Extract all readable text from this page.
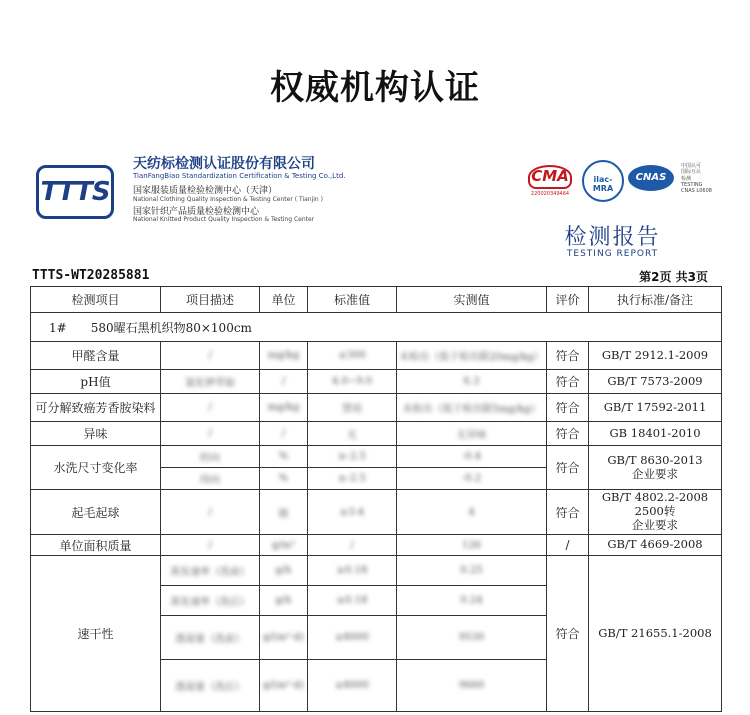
权威机构认证
TTTS
天纺标检测认证股份有限公司
TianFangBiao Standardization Certification & Testing Co.,Ltd.
国家服装质量检验检测中心（天津）
National Clothing Quality Inspection & Testing Center ( Tianjin )
国家针织产品质量检验检测中心
National Knitted Product Quality Inspection & Testing Center
CMA
220020349464
ilac-MRA
CNAS
中国认可
国际互认
检测
TESTING
CNAS L0608
检测报告
TESTING REPORT
TTTS-WT20285881	第2页 共3页
检测项目	项目描述	单位	标准值	实测值	评价	执行标准/备注
1#　　580曜石黑机织物80×100cm						
甲醛含量	/	mg/kg	≤300	未检出（低于检出限20mg/kg）	符合	GB/T 2912.1-2009
pH值	氯化钾萃取	/	4.0~9.0	6.3	符合	GB/T 7573-2009
可分解致癌芳香胺染料	/	mg/kg	禁用	未检出（低于检出限5mg/kg）	符合	GB/T 17592-2011
异味	/	/	无	无异味	符合	GB 18401-2010
水洗尺寸变化率	经向	%	≥-2.5	-0.4	符合	GB/T 8630-2013
企业要求

	纬向	%	≥-2.5	-0.2		
起毛起球	/	级	≥3-4	4	符合	GB/T 4802.2-2008
2500转
企业要求

单位面积质量	/	g/m²	/	126	/	GB/T 4669-2008
速干性	蒸发速率（洗前）	g/h	≥0.18	0.25	符合	GB/T 21655.1-2008
	蒸发速率（洗后）	g/h	≥0.18	0.24		
	透湿量（洗前）	g/(m²·d)	≥8000	9530		
	透湿量（洗后）	g/(m²·d)	≥8000	9660		
